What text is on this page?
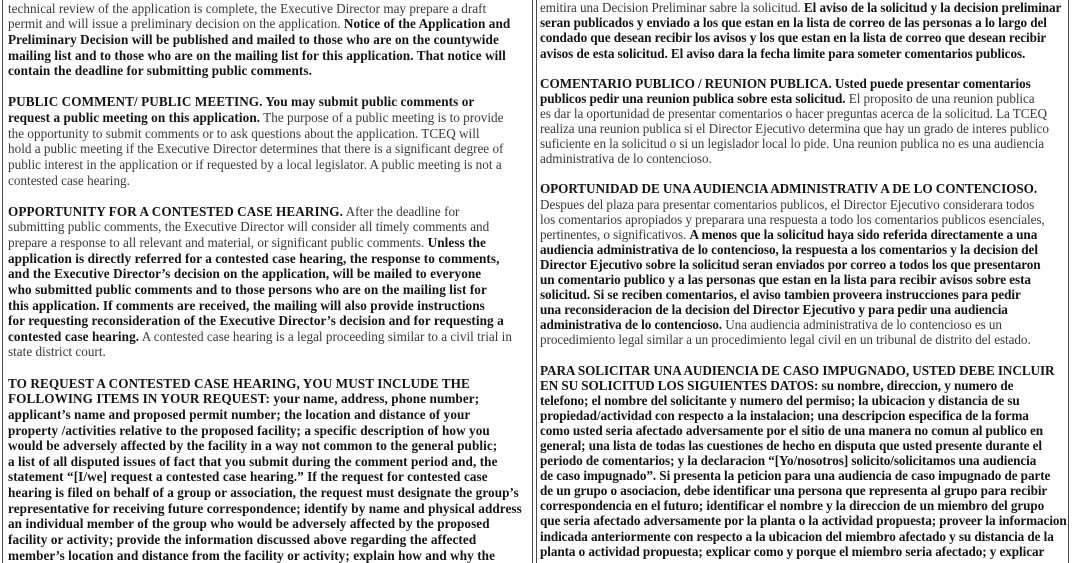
technical review of the application is complete, the Executive Director may prepare a draft
permit and will issue a preliminary decision on the application. Notice of the Application and
Preliminary Decision will be published and mailed to those who are on the countywide
mailing list and to those who are on the mailing list for this application. That notice will
contain the deadline for submitting public comments.
PUBLIC COMMENT/ PUBLIC MEETING. You may submit public comments or
request a public meeting on this application. The purpose of a public meeting is to provide
the opportunity to submit comments or to ask questions about the application. TCEQ will
hold a public meeting if the Executive Director determines that there is a significant degree of
public interest in the application or if requested by a local legislator. A public meeting is not a
contested case hearing.
OPPORTUNITY FOR A CONTESTED CASE HEARING. After the deadline for
submitting public comments, the Executive Director will consider all timely comments and
prepare a response to all relevant and material, or significant public comments. Unless the
application is directly referred for a contested case hearing, the response to comments,
and the Executive Director’s decision on the application, will be mailed to everyone
who submitted public comments and to those persons who are on the mailing list for
this application. If comments are received, the mailing will also provide instructions
for requesting reconsideration of the Executive Director’s decision and for requesting a
contested case hearing. A contested case hearing is a legal proceeding similar to a civil trial in
state district court.
TO REQUEST A CONTESTED CASE HEARING, YOU MUST INCLUDE THE
FOLLOWING ITEMS IN YOUR REQUEST: your name, address, phone number;
applicant’s name and proposed permit number; the location and distance of your
property /activities relative to the proposed facility; a specific description of how you
would be adversely affected by the facility in a way not common to the general public;
a list of all disputed issues of fact that you submit during the comment period and, the
statement “[I/we] request a contested case hearing.” If the request for contested case
hearing is filed on behalf of a group or association, the request must designate the group’s
representative for receiving future correspondence; identify by name and physical address
an individual member of the group who would be adversely affected by the proposed
facility or activity; provide the information discussed above regarding the affected
member’s location and distance from the facility or activity; explain how and why the
emitira una Decision Preliminar sabre la solicitud. El aviso de la solicitud y la decision preliminar
seran publicados y enviado a los que estan en la lista de correo de las personas a lo largo del
condado que desean recibir los avisos y los que estan en la lista de correo que desean recibir
avisos de esta solicitud. El aviso dara la fecha limite para someter comentarios publicos.
COMENTARIO PUBLICO / REUNION PUBLICA. Usted puede presentar comentarios
publicos pedir una reunion publica sobre esta solicitud. El proposito de una reunion publica
es dar la oportunidad de presentar comentarios o hacer preguntas acerca de la solicitud. La TCEQ
realiza una reunion publica si el Director Ejecutivo determina que hay un grado de interes publico
suficiente en la solicitud o si un legislador local lo pide. Una reunion publica no es una audiencia
administrativa de lo contencioso.
OPORTUNIDAD DE UNA AUDIENCIA ADMINISTRATIV A DE LO CONTENCIOSO.
Despues del plaza para presentar comentarios publicos, el Director Ejecutivo considerara todos
los comentarios apropiados y preparara una respuesta a todo los comentarios publicos esenciales,
pertinentes, o significativos. A menos que la solicitud haya sido referida directamente a una
audiencia administrativa de lo contencioso, la respuesta a los comentarios y la decision del
Director Ejecutivo sobre la solicitud seran enviados por correo a todos los que presentaron
un comentario publico y a las personas que estan en la lista para recibir avisos sobre esta
solicitud. Si se reciben comentarios, el aviso tambien proveera instrucciones para pedir
una reconsideracion de la decision del Director Ejecutivo y para pedir una audiencia
administrativa de lo contencioso. Una audiencia administrativa de lo contencioso es un
procedimiento legal similar a un procedimiento legal civil en un tribunal de distrito del estado.
PARA SOLICITAR UNA AUDIENCIA DE CASO IMPUGNADO, USTED DEBE INCLUIR
EN SU SOLICITUD LOS SIGUIENTES DATOS: su nombre, direccion, y numero de
telefono; el nombre del solicitante y numero del permiso; la ubicacion y distancia de su
propiedad/actividad con respecto a la instalacion; una descripcion especifica de la forma
como usted seria afectado adversamente por el sitio de una manera no comun al publico en
general; una lista de todas las cuestiones de hecho en disputa que usted presente durante el
periodo de comentarios; y la declaracion “[Yo/nosotros] solicito/solicitamos una audiencia
de caso impugnado”. Si presenta la peticion para una audiencia de caso impugnado de parte
de un grupo o asociacion, debe identificar una persona que representa al grupo para recibir
correspondencia en el futuro; identificar el nombre y la direccion de un miembro del grupo
que seria afectado adversamente por la planta o la actividad propuesta; proveer la informacion
indicada anteriormente con respecto a la ubicacion del miembro afectado y su distancia de la
planta o actividad propuesta; explicar como y porque el miembro seria afectado; y explicar
